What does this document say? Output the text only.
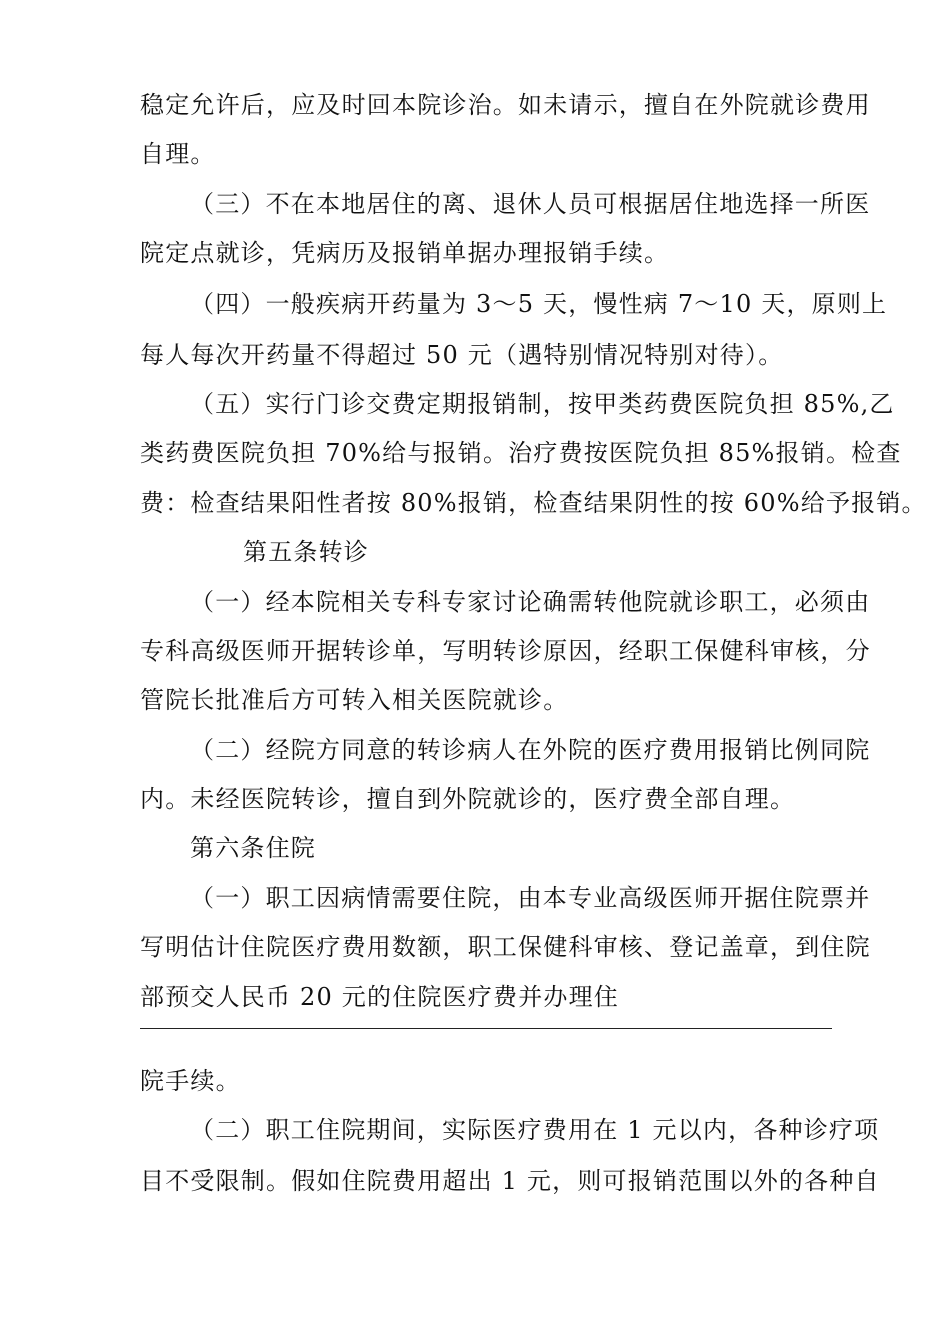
稳定允许后，应及时回本院诊治。如未请示，擅自在外院就诊费用
自理。
（三）不在本地居住的离、退休人员可根据居住地选择一所医
院定点就诊，凭病历及报销单据办理报销手续。
（四）一般疾病开药量为 3〜5 天，慢性病 7〜10 天，原则上
每人每次开药量不得超过 50 元（遇特别情况特别对待）。
（五）实行门诊交费定期报销制，按甲类药费医院负担 85%,乙
类药费医院负担 70%给与报销。治疗费按医院负担 85%报销。检查
费：检查结果阳性者按 80%报销，检查结果阴性的按 60%给予报销。
第五条转诊
（一）经本院相关专科专家讨论确需转他院就诊职工，必须由
专科高级医师开据转诊单，写明转诊原因，经职工保健科审核，分
管院长批准后方可转入相关医院就诊。
（二）经院方同意的转诊病人在外院的医疗费用报销比例同院
内。未经医院转诊，擅自到外院就诊的，医疗费全部自理。
第六条住院
（一）职工因病情需要住院，由本专业高级医师开据住院票并
写明估计住院医疗费用数额，职工保健科审核、登记盖章，到住院
部预交人民币 20 元的住院医疗费并办理住
院手续。
（二）职工住院期间，实际医疗费用在 1 元以内，各种诊疗项
目不受限制。假如住院费用超出 1 元，则可报销范围以外的各种自
